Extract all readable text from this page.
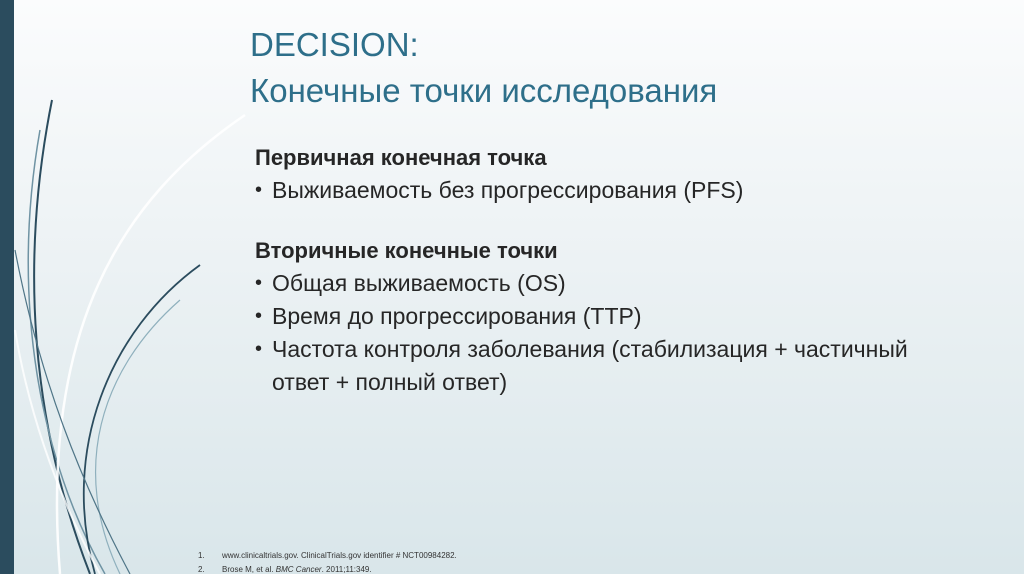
DECISION:
Конечные точки исследования

Первичная конечная точка

• Выживаемость без прогрессирования (PFS)

Вторичные конечные точки

• Общая выживаемость (OS)
• Время до прогрессирования (TTP)
• Частота контроля заболевания (стабилизация + частичный ответ + полный ответ)
1.	www.clinicaltrials.gov. ClinicalTrials.gov identifier # NCT00984282.
2.	Brose M, et al. BMC Cancer. 2011;11:349.
